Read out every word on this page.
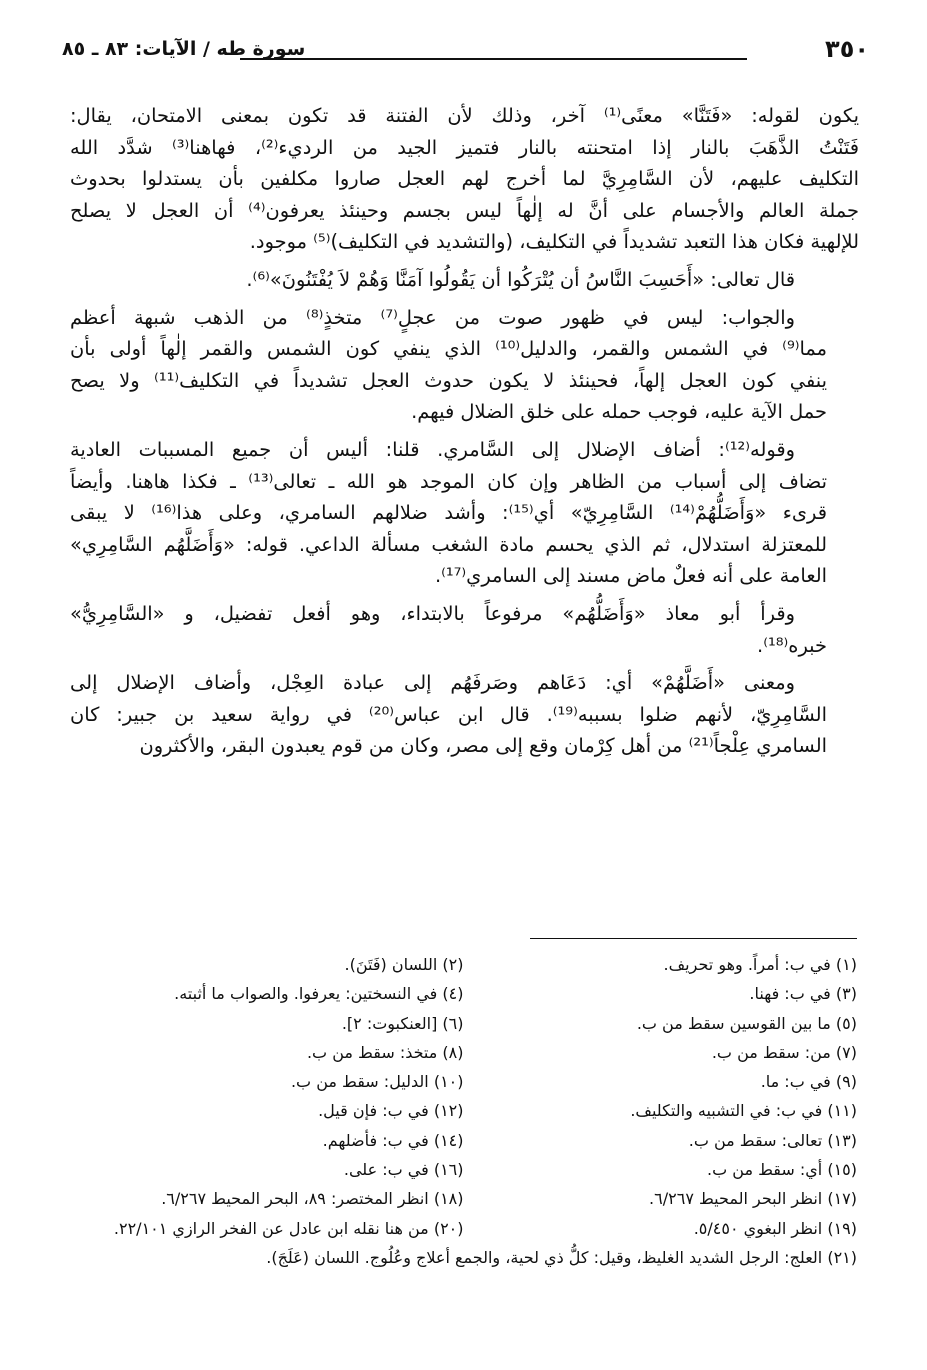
٣٥٠
سورة طه / الآيات: ٨٣ ـ ٨٥
يكون لقوله: «فَتَنَّا» معنًى⁽¹⁾ آخر، وذلك لأن الفتنة قد تكون بمعنى الامتحان، يقال:
فَتَنْتُ الذَّهَبَ بالنار إذا امتحنته بالنار فتميز الجيد من الرديء⁽²⁾، فهاهنا⁽³⁾ شدَّد الله
التكليف عليهم، لأن السَّامِرِيَّ لما أخرج لهم العجل صاروا مكلفين بأن يستدلوا بحدوث
جملة العالم والأجسام على أنَّ له إلٰهاً ليس بجسم وحينئذ يعرفون⁽⁴⁾ أن العجل لا يصلح
للإلهية فكان هذا التعبد تشديداً في التكليف، (والتشديد في التكليف)⁽⁵⁾ موجود.
قال تعالى: «أَحَسِبَ النَّاسُ أن يُتْرَكُوا أن يَقُولُوا آمَنَّا وَهُمْ لاَ يُفْتَنُونَ»⁽⁶⁾.
والجواب: ليس في ظهور صوت من عجلٍ⁽⁷⁾ متخذٍ⁽⁸⁾ من الذهب شبهة أعظم
مما⁽⁹⁾ في الشمس والقمر، والدليل⁽¹⁰⁾ الذي ينفي كون الشمس والقمر إلٰهاً أولى بأن
ينفي كون العجل إلهاً، فحينئذ لا يكون حدوث العجل تشديداً في التكليف⁽¹¹⁾ ولا يصح
حمل الآية عليه، فوجب حمله على خلق الضلال فيهم.
وقوله⁽¹²⁾: أضاف الإضلال إلى السَّامري. قلنا: أليس أن جميع المسببات العادية
تضاف إلى أسباب من الظاهر وإن كان الموجد هو الله ـ تعالى⁽¹³⁾ ـ فكذا هاهنا. وأيضاً
قرىء «وَأَضَلُّهُمْ⁽¹⁴⁾ السَّامِرِيّ» أي⁽¹⁵⁾: وأشد ضلالهم السامري، وعلى هذا⁽¹⁶⁾ لا يبقى
للمعتزلة استدلال، ثم الذي يحسم مادة الشغب مسألة الداعي. قوله: «وَأَضَلَّهُم السَّامِرِي»
العامة على أنه فعلٌ ماض مسند إلى السامري⁽¹⁷⁾.
وقرأ أبو معاذ «وَأَضَلُّهُم» مرفوعاً بالابتداء، وهو أفعل تفضيل، و «السَّامِرِيُّ»
خبره⁽¹⁸⁾.
ومعنى «أَضَلَّهُمْ» أي: دَعَاهم وصَرفَهُم إلى عبادة العِجْل، وأضاف الإضلال إلى
السَّامِرِيّ، لأنهم ضلوا بسببه⁽¹⁹⁾. قال ابن عباس⁽²⁰⁾ في رواية سعيد بن جبير: كان
السامري عِلْجاً⁽²¹⁾ من أهل كِرْمان وقع إلى مصر، وكان من قوم يعبدون البقر، والأكثرون
(١) في ب: أمراً. وهو تحريف.
(٢) اللسان (فَتَنَ).
(٣) في ب: فهنا.
(٤) في النسختين: يعرفوا. والصواب ما أثبته.
(٥) ما بين القوسين سقط من ب.
(٦) [العنكبوت: ٢].
(٧) من: سقط من ب.
(٨) متخذ: سقط من ب.
(٩) في ب: ما.
(١٠) الدليل: سقط من ب.
(١١) في ب: في التشبيه والتكليف.
(١٢) في ب: فإن قيل.
(١٣) تعالى: سقط من ب.
(١٤) في ب: فأضلهم.
(١٥) أي: سقط من ب.
(١٦) في ب: على.
(١٧) انظر البحر المحيط ٦/٢٦٧.
(١٨) انظر المختصر: ٨٩، البحر المحيط ٦/٢٦٧.
(١٩) انظر البغوي ٥/٤٥٠.
(٢٠) من هنا نقله ابن عادل عن الفخر الرازي ٢٢/١٠١.
(٢١) العلج: الرجل الشديد الغليظ، وقيل: كلُّ ذي لحية، والجمع أعلاج وعُلُوج. اللسان (عَلَجَ).
